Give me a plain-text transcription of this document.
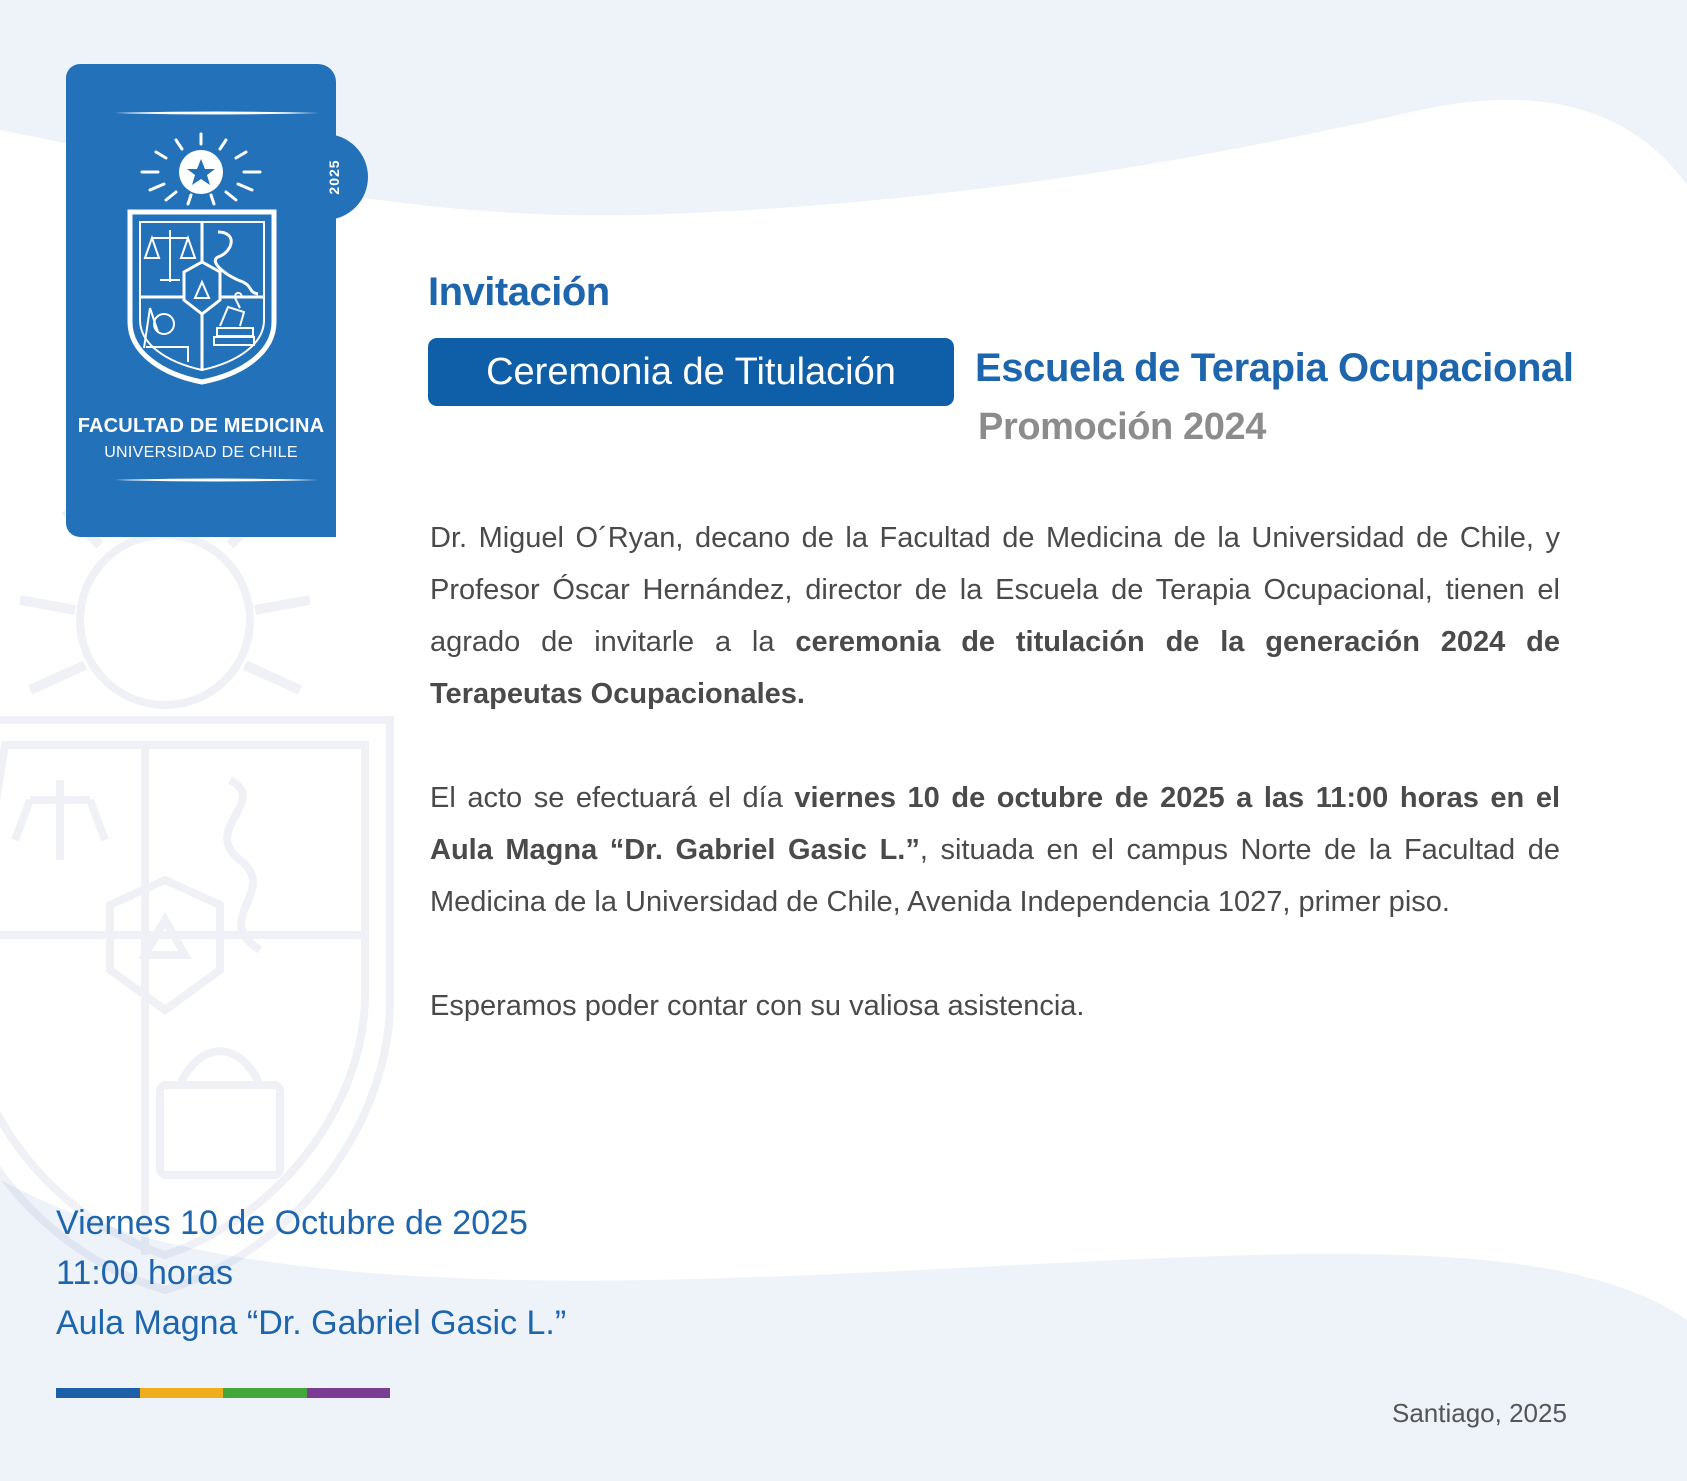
2025
FACULTAD DE MEDICINA
UNIVERSIDAD DE CHILE
Invitación
Ceremonia de Titulación	Escuela de Terapia Ocupacional
Promoción 2024

Dr. Miguel O´Ryan, decano de la Facultad de Medicina de la Universidad de Chile, y Profesor Óscar Hernández, director de la Escuela de Terapia Ocupacional, tienen el agrado de invitarle a la ceremonia de titulación de la generación 2024 de Terapeutas Ocupacionales.

El acto se efectuará el día viernes 10 de octubre de 2025 a las 11:00 horas en el Aula Magna “Dr. Gabriel Gasic L.”, situada en el campus Norte de la Facultad de Medicina de la Universidad de Chile, Avenida Independencia 1027, primer piso.

Esperamos poder contar con su valiosa asistencia.

Viernes 10 de Octubre de 2025
11:00 horas
Aula Magna “Dr. Gabriel Gasic L.”
Santiago, 2025
